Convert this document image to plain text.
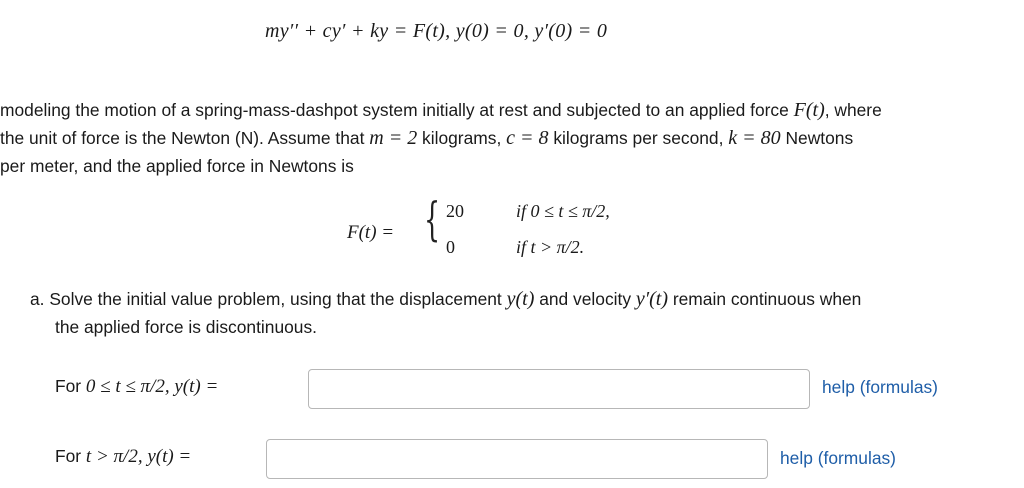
my′′ + cy′ + ky = F(t), y(0) = 0, y′(0) = 0
modeling the motion of a spring-mass-dashpot system initially at rest and subjected to an applied force F(t), where
the unit of force is the Newton (N). Assume that m = 2 kilograms, c = 8 kilograms per second, k = 80 Newtons
per meter, and the applied force in Newtons is
F(t) = { 20
0
if 0 ≤ t ≤ π/2,
if t > π/2.
a. Solve the initial value problem, using that the displacement y(t) and velocity y′(t) remain continuous when
the applied force is discontinuous.
For 0 ≤ t ≤ π/2, y(t) =	help (formulas)
For t > π/2, y(t) =	help (formulas)
